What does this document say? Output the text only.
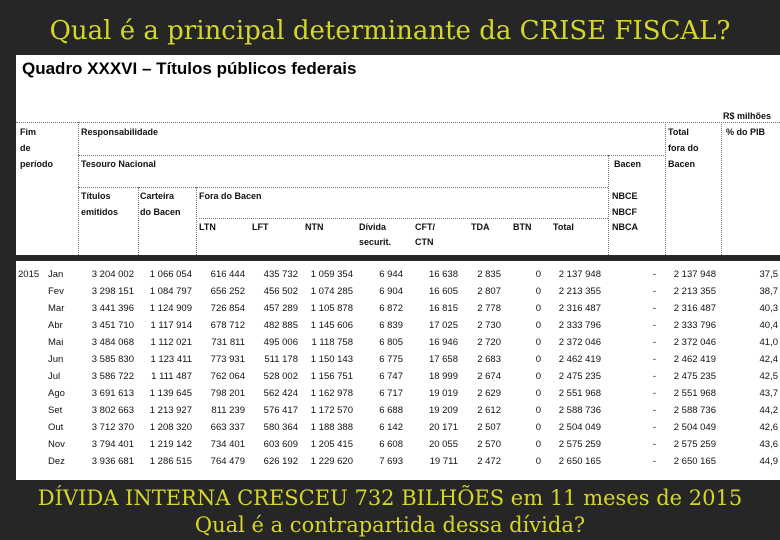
Qual é a principal determinante da CRISE FISCAL?
Quadro XXXVI – Títulos públicos federais
R$ milhões
Fim
de
período
Responsabilidade
Tesouro Nacional	Bacen
Total
fora do
Bacen
% do PIB
Títulos
emitidos
Carteira
do Bacen
Fora do Bacen
LTN	LFT	NTN	Dívida
securit.
CFT/
CTN
TDA	BTN Total
NBCE
NBCF
NBCA
2015	Jan	3 204 002	1 066 054	616 444	435 732	1 059 354	6 944	16 638	2 835	0	2 137 948	-	2 137 948	37,5
	Fev	3 298 151	1 084 797	656 252	456 502	1 074 285	6 904	16 605	2 807	0	2 213 355	-	2 213 355	38,7
	Mar	3 441 396	1 124 909	726 854	457 289	1 105 878	6 872	16 815	2 778	0	2 316 487	-	2 316 487	40,3
	Abr	3 451 710	1 117 914	678 712	482 885	1 145 606	6 839	17 025	2 730	0	2 333 796	-	2 333 796	40,4
	Mai	3 484 068	1 112 021	731 811	495 006	1 118 758	6 805	16 946	2 720	0	2 372 046	-	2 372 046	41,0
	Jun	3 585 830	1 123 411	773 931	511 178	1 150 143	6 775	17 658	2 683	0	2 462 419	-	2 462 419	42,4
	Jul	3 586 722	1 111 487	762 064	528 002	1 156 751	6 747	18 999	2 674	0	2 475 235	-	2 475 235	42,5
	Ago	3 691 613	1 139 645	798 201	562 424	1 162 978	6 717	19 019	2 629	0	2 551 968	-	2 551 968	43,7
	Set	3 802 663	1 213 927	811 239	576 417	1 172 570	6 688	19 209	2 612	0	2 588 736	-	2 588 736	44,2
	Out	3 712 370	1 208 320	663 337	580 364	1 188 388	6 142	20 171	2 507	0	2 504 049	-	2 504 049	42,6
	Nov	3 794 401	1 219 142	734 401	603 609	1 205 415	6 608	20 055	2 570	0	2 575 259	-	2 575 259	43,6
	Dez	3 936 681	1 286 515	764 479	626 192	1 229 620	7 693	19 711	2 472	0	2 650 165	-	2 650 165	44,9
DÍVIDA INTERNA CRESCEU 732 BILHÕES em 11 meses de 2015
Qual é a contrapartida dessa dívida?
